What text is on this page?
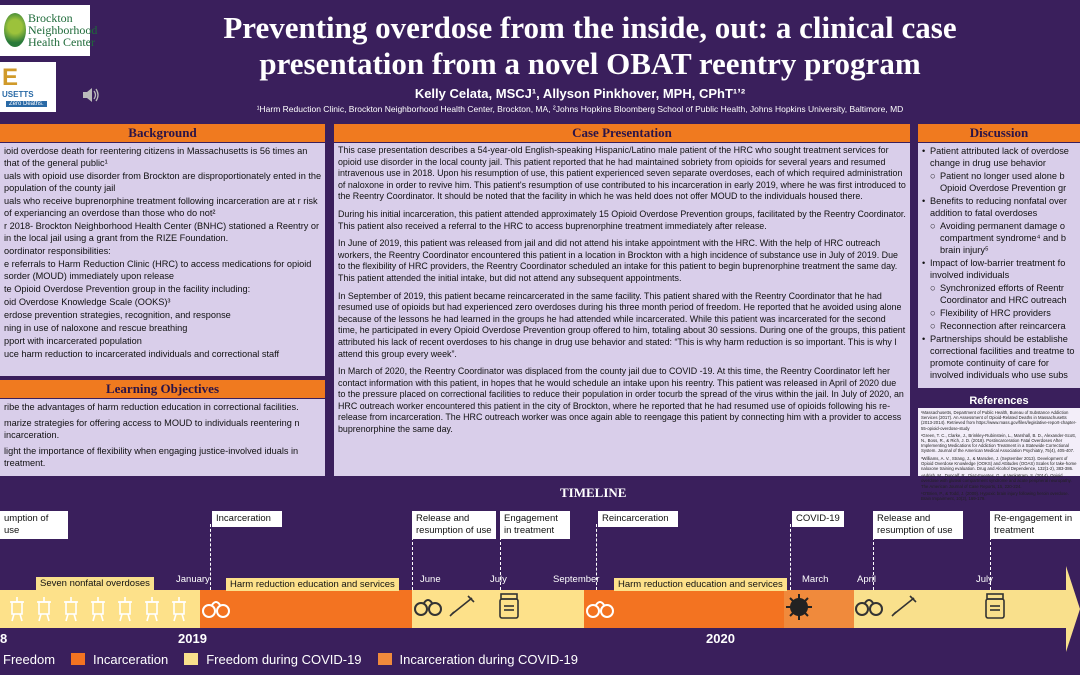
Brockton
Neighborhood
Health Center
E
USETTS
Zero Deaths.
Preventing overdose from the inside, out: a clinical case
presentation from a novel OBAT reentry program
Kelly Celata, MSCJ¹, Allyson Pinkhover, MPH, CPhT¹ʼ²
¹Harm Reduction Clinic, Brockton Neighborhood Health Center, Brockton, MA, ²Johns Hopkins Bloomberg School of Public Health, Johns Hopkins University, Baltimore, MD
Background
ioid overdose death for reentering citizens in Massachusetts is 56 times an that of the general public¹
uals with opioid use disorder from Brockton are disproportionately ented in the population of the county jail
uals who receive buprenorphine treatment following incarceration are at r risk of experiancing an overdose than those who do not²
r 2018- Brockton Neighborhood Health Center (BNHC) stationed a Reentry or in the local jail using a grant from the RIZE Foundation.
oordinator responsibilities:
e referrals to Harm Reduction Clinic (HRC) to access medications for opioid sorder (MOUD) immediately upon release
te Opioid Overdose Prevention group in the facility including:
oid Overdose Knowledge Scale (OOKS)³
erdose prevention strategies, recognition, and response
ning in use of naloxone and rescue breathing
pport with incarcerated population
uce harm reduction to incarcerated individuals and correctional staff
Learning Objectives
ribe the advantages of harm reduction education in correctional facilities.
marize strategies for offering access to MOUD to individuals reentering n incarceration.
light the importance of flexibility when engaging justice-involved iduals in treatment.
Case Presentation

This case presentation describes a 54-year-old English-speaking Hispanic/Latino male patient of the HRC who sought treatment services for opioid use disorder in the local county jail. This patient reported that he had maintained sobriety from opioids for several years and resumed intravenous use in 2018. Upon his resumption of use, this patient experienced seven separate overdoses, each of which required administration of naloxone in order to revive him. This patient's resumption of use contributed to his incarceration in early 2019, where he was first introduced to the Reentry Coordinator. It should be noted that the facility in which he was held does not offer MOUD to the individuals housed there.

During his initial incarceration, this patient attended approximately 15 Opioid Overdose Prevention groups, facilitated by the Reentry Coordinator. This patient also received a referral to the HRC to access buprenorphine treatment immediately after release.

In June of 2019, this patient was released from jail and did not attend his intake appointment with the HRC. With the help of HRC outreach workers, the Reentry Coordinator encountered this patient in a location in Brockton with a high incidence of substance use in July of 2019. Due to the flexibility of HRC providers, the Reentry Coordinator scheduled an intake for this patient to begin buprenorphine treatment the same day. This patient attended the initial intake, but did not attend any subsequent appointments.

In September of 2019, this patient became reincarcerated in the same facility. This patient shared with the Reentry Coordinator that he had resumed use of opioids but had experienced zero overdoses during his three month period of freedom. He reported that he avoided using alone because of the lessons he had learned in the groups he had attended while incarcerated. While this patient was incarcerated for the second time, he participated in every Opioid Overdose Prevention group offered to him, totaling about 30 sessions. During one of the groups, this patient attributed his lack of recent overdoses to his change in drug use behavior and stated: “This is why harm reduction is so important. This is why I attend this group every week”.

In March of 2020, the Reentry Coordinator was displaced from the county jail due to COVID -19. At this time, the Reentry Coordinator left her contact information with this patient, in hopes that he would schedule an intake upon his reentry. This patient was released in April of 2020 due to the pressure placed on correctional facilities to reduce their population in order tocurb the spread of the virus within the jail. In July of 2020, an HRC outreach worker encountered this patient in the city of Brockton, where he reported that he had resumed use of opioids following his re-release from incarceration. The HRC outreach worker was once again able to reengage this patient by connecting him with a provider to access buprenorphine the same day.

Discussion
• Patient attributed lack of overdose change in drug use behavior
○ Patient no longer used alone b Opioid Overdose Prevention gr
• Benefits to reducing nonfatal over addition to fatal overdoses
○ Avoiding permanent damage o compartment syndrome⁴ and b brain injury⁵
• Impact of low-barrier treatment fo involved individuals
○ Synchronized efforts of Reentr Coordinator and HRC outreach
○ Flexibility of HRC providers
○ Reconnection after reincarcera
• Partnerships should be establishe correctional facilities and treatme to promote continuity of care for involved individuals who use subs
References
¹Massachusetts, Department of Public Health, Bureau of Substance Addiction Services (2017). An Assessment of Opioid-Related Deaths in Massachusetts (2013-2014). Retrieved from https://www.mass.gov/files/legislative-report-chapter-55-opioid-overdose-study
²Green, T. C., Clarke, J., Brinkley-Rubinstein, L., Marshall, B. D., Alexander-Scott, N., Boss, R., & Rich, J. D. (2018). Postincarceration Fatal Overdoses After Implementing Medications for Addiction Treatment in a Statewide Correctional System. Journal of the American Medical Association Psychiatry, 75(4), 405-407.
³Williams, A. V., Strang, J., & Marsden, J. (September 2013). Development of Opioid Overdose Knowledge (OOKS) and Attitudes (OOAS) Scales for take-home naloxone training evaluation. Drug and Alcohol Dependence, 132(1-2), 383-386.
⁴Adrish, M., Duncalf, R., Diaz-Fuentes, G., & Venkatram, S. (2014). Opioid overdose with gluteal compartment syndrome and acute peripheral neuropathy. The American Journal of Case Reports, 15, 220-224.
⁵O'Brien, P., & Todd, J. (2009). Hypoxic brain injury following heroin overdose. Brain Impairment, 10(2), 169-179.
TIMELINE
umption of use
Incarceration	Release and resumption of use
Engagement in treatment
Reincarceration	COVID-19	Release and resumption of use
Re-engagement in treatment
January	June	July	September	March	April	July
Seven nonfatal overdoses	Harm reduction education and services	Harm reduction education and services
8	2019	2020
Freedom	Incarceration	Freedom during COVID-19	Incarceration during COVID-19
